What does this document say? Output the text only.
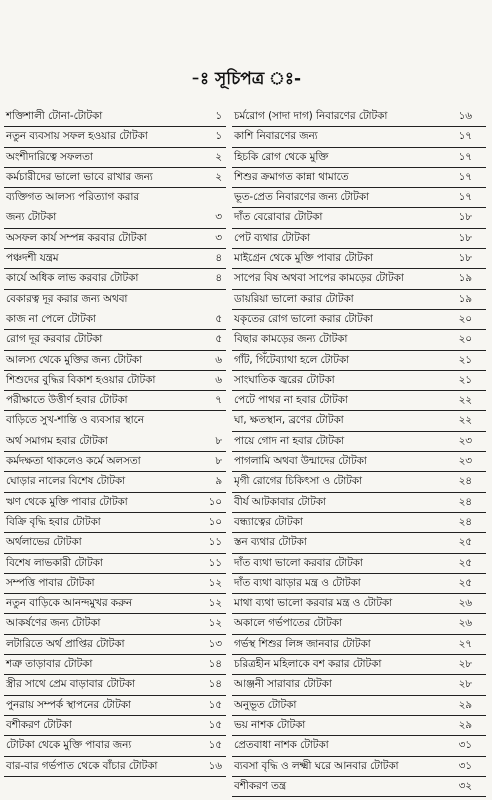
-ঃ সূচিপত্র ঃ-
শক্তিশালী টোনা-টোটকা	১
নতুন ব্যবসায় সফল হওয়ার টোটকা	১
অংশীদারিত্বে সফলতা	২
কর্মচারীদের ভালো ভাবে রাখার জন্য	২
ব্যক্তিগত আলস্য পরিত্যাগ করার
জন্য টোটকা	৩
অসফল কার্য সম্পন্ন করবার টোটকা	৩
পঞ্চদশী যন্ত্রম	৪
কার্যে অধিক লাভ করবার টোটকা	৪
বেকারত্ব দূর করার জন্য অথবা
কাজ না পেলে টোটকা	৫
রোগ দূর করবার টোটকা	৫
আলস্য থেকে মুক্তির জন্য টোটকা	৬
শিশুদের বুদ্ধির বিকাশ হওয়ার টোটকা	৬
পরীক্ষাতে উত্তীর্ণ হবার টোটকা	৭
বাড়িতে সুখ-শান্তি ও ব্যবসার স্থানে
অর্থ সমাগম হবার টোটকা	৮
কর্মদক্ষতা থাকলেও কর্মে অলসতা	৮
ঘোড়ার নালের বিশেষ টোটকা	৯
ঋণ থেকে মুক্তি পাবার টোটকা	১০
বিক্রি বৃদ্ধি হবার টোটকা	১০
অর্থলাভের টোটকা	১১
বিশেষ লাভকারী টোটকা	১১
সম্পত্তি পাবার টোটকা	১২
নতুন বাড়িকে আনন্দমুখর করুন	১২
আকর্ষণের জন্য টোটকা	১২
লটারিতে অর্থ প্রাপ্তির টোটকা	১৩
শত্রু তাড়াবার টোটকা	১৪
স্ত্রীর সাথে প্রেম বাড়াবার টোটকা	১৪
পুনরায় সম্পর্ক স্থাপনের টোটকা	১৫
বশীকরণ টোটকা	১৫
টোটকা থেকে মুক্তি পাবার জন্য	১৫
বার-বার গর্ভপাত থেকে বাঁচার টোটকা	১৬
চর্মরোগ (সাদা দাগ) নিবারণের টোটকা	১৬
কাশি নিবারণের জন্য	১৭
হিচকি রোগ থেকে মুক্তি	১৭
শিশুর ক্রমাগত কান্না থামাতে	১৭
ভূত-প্রেত নিবারণের জন্য টোটকা	১৭
দাঁত বেরোবার টোটকা	১৮
পেট ব্যথার টোটকা	১৮
মাইগ্রেন থেকে মুক্তি পাবার টোটকা	১৮
সাপের বিষ অথবা সাপের কামড়ের টোটকা	১৯
ডায়রিয়া ভালো করার টোটকা	১৯
যকৃতের রোগ ভালো করার টোটকা	২০
বিছার কামড়ের জন্য টোটকা	২০
গাঁট, গিঁটেব্যাথা হলে টোটকা	২১
সাংঘাতিক জ্বরের টোটকা	২১
পেটে পাথর না হবার টোটকা	২২
ঘা, ক্ষতস্থান, ব্রণের টোটকা	২২
পায়ে গোদ না হবার টোটকা	২৩
পাগলামি অথবা উন্মাদের টোটকা	২৩
মৃগী রোগের চিকিৎসা ও টোটকা	২৪
বীর্য আটকাবার টোটকা	২৪
বন্ধ্যাত্বের টোটকা	২৪
স্তন ব্যথার টোটকা	২৫
দাঁত ব্যথা ভালো করবার টোটকা	২৫
দাঁত ব্যথা ঝাড়ার মন্ত্র ও টোটকা	২৫
মাথা ব্যথা ভালো করবার মন্ত্র ও টোটকা	২৬
অকালে গর্ভপাতের টোটকা	২৬
গর্ভস্থ শিশুর লিঙ্গ জানবার টোটকা	২৭
চরিত্রহীন মহিলাকে বশ করার টোটকা	২৮
আঞ্জনী সারাবার টোটকা	২৮
অনুভূত টোটকা	২৯
ভয় নাশক টোটকা	২৯
প্রেতবাধা নাশক টোটকা	৩১
ব্যবসা বৃদ্ধি ও লক্ষ্মী ঘরে আনবার টোটকা	৩১
বশীকরণ তন্ত্র	৩২
